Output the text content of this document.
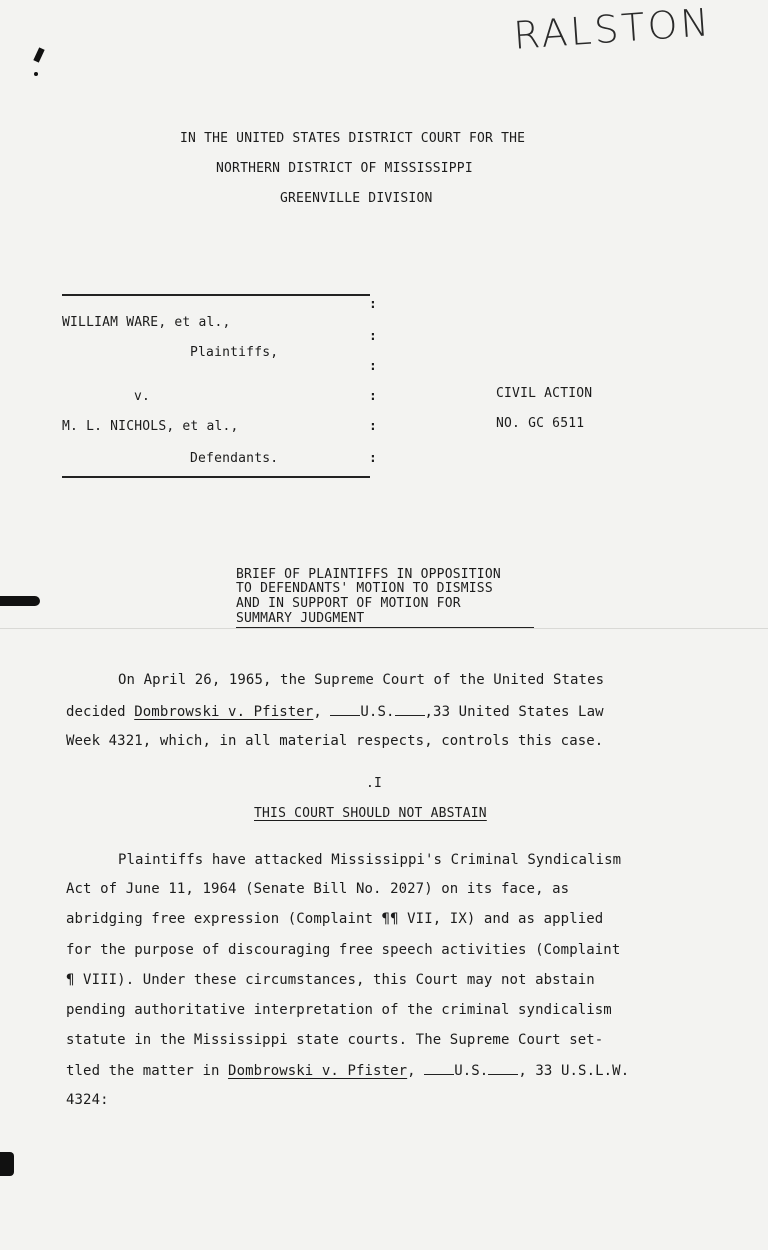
RALSTON
IN THE UNITED STATES DISTRICT COURT FOR THE
NORTHERN DISTRICT OF MISSISSIPPI
GREENVILLE DIVISION
WILLIAM WARE, et al.,
Plaintiffs,
v.
M. L. NICHOLS, et al.,
Defendants.
:
:
:
:
:
:
CIVIL ACTION
NO. GC 6511
BRIEF OF PLAINTIFFS IN OPPOSITION
TO DEFENDANTS' MOTION TO DISMISS
AND IN SUPPORT OF MOTION FOR
SUMMARY JUDGMENT
On April 26, 1965, the Supreme Court of the United States
decided Dombrowski v. Pfister, U.S. ,33 United States Law
Week 4321, which, in all material respects, controls this case.
.I
THIS COURT SHOULD NOT ABSTAIN
Plaintiffs have attacked Mississippi's Criminal Syndicalism
Act of June 11, 1964 (Senate Bill No. 2027) on its face, as
abridging free expression (Complaint ¶¶ VII, IX) and as applied
for the purpose of discouraging free speech activities (Complaint
¶ VIII). Under these circumstances, this Court may not abstain
pending authoritative interpretation of the criminal syndicalism
statute in the Mississippi state courts. The Supreme Court set-
tled the matter in Dombrowski v. Pfister, U.S. , 33 U.S.L.W.
4324:
